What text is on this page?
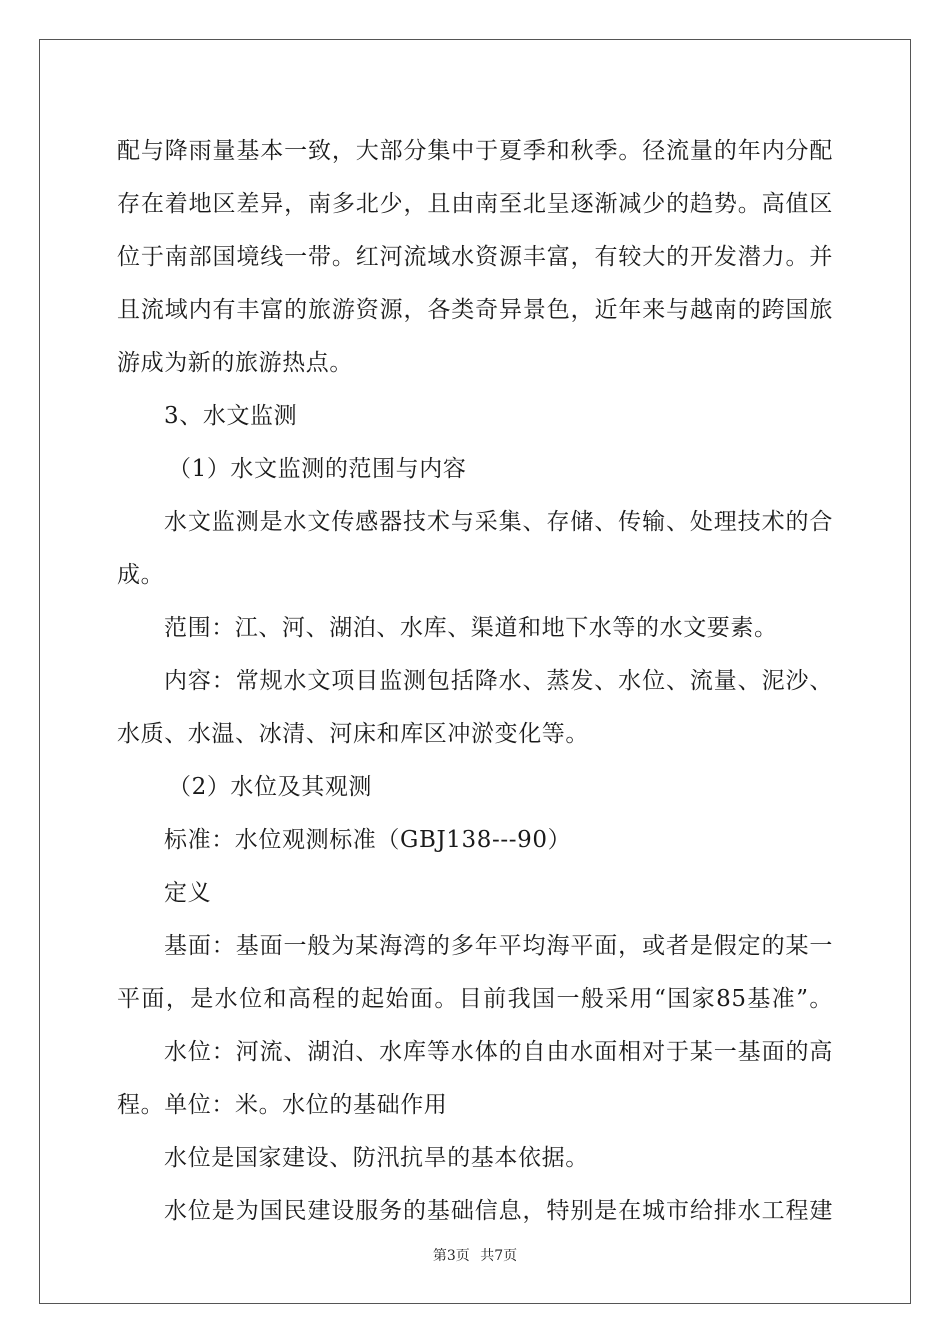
配与降雨量基本一致，大部分集中于夏季和秋季。径流量的年内分配
存在着地区差异，南多北少，且由南至北呈逐渐减少的趋势。高值区
位于南部国境线一带。红河流域水资源丰富，有较大的开发潜力。并
且流域内有丰富的旅游资源，各类奇异景色，近年来与越南的跨国旅
游成为新的旅游热点。
3、水文监测
（1）水文监测的范围与内容
水文监测是水文传感器技术与采集、存储、传输、处理技术的合
成。
范围：江、河、湖泊、水库、渠道和地下水等的水文要素。
内容：常规水文项目监测包括降水、蒸发、水位、流量、泥沙、
水质、水温、冰清、河床和库区冲淤变化等。
（2）水位及其观测
标准：水位观测标准（GBJ138---90）
定义
基面：基面一般为某海湾的多年平均海平面，或者是假定的某一
平面，是水位和高程的起始面。目前我国一般采用“国家85基准”。
水位：河流、湖泊、水库等水体的自由水面相对于某一基面的高
程。单位：米。水位的基础作用
水位是国家建设、防汛抗旱的基本依据。
水位是为国民建设服务的基础信息，特别是在城市给排水工程建
第3页 共7页
